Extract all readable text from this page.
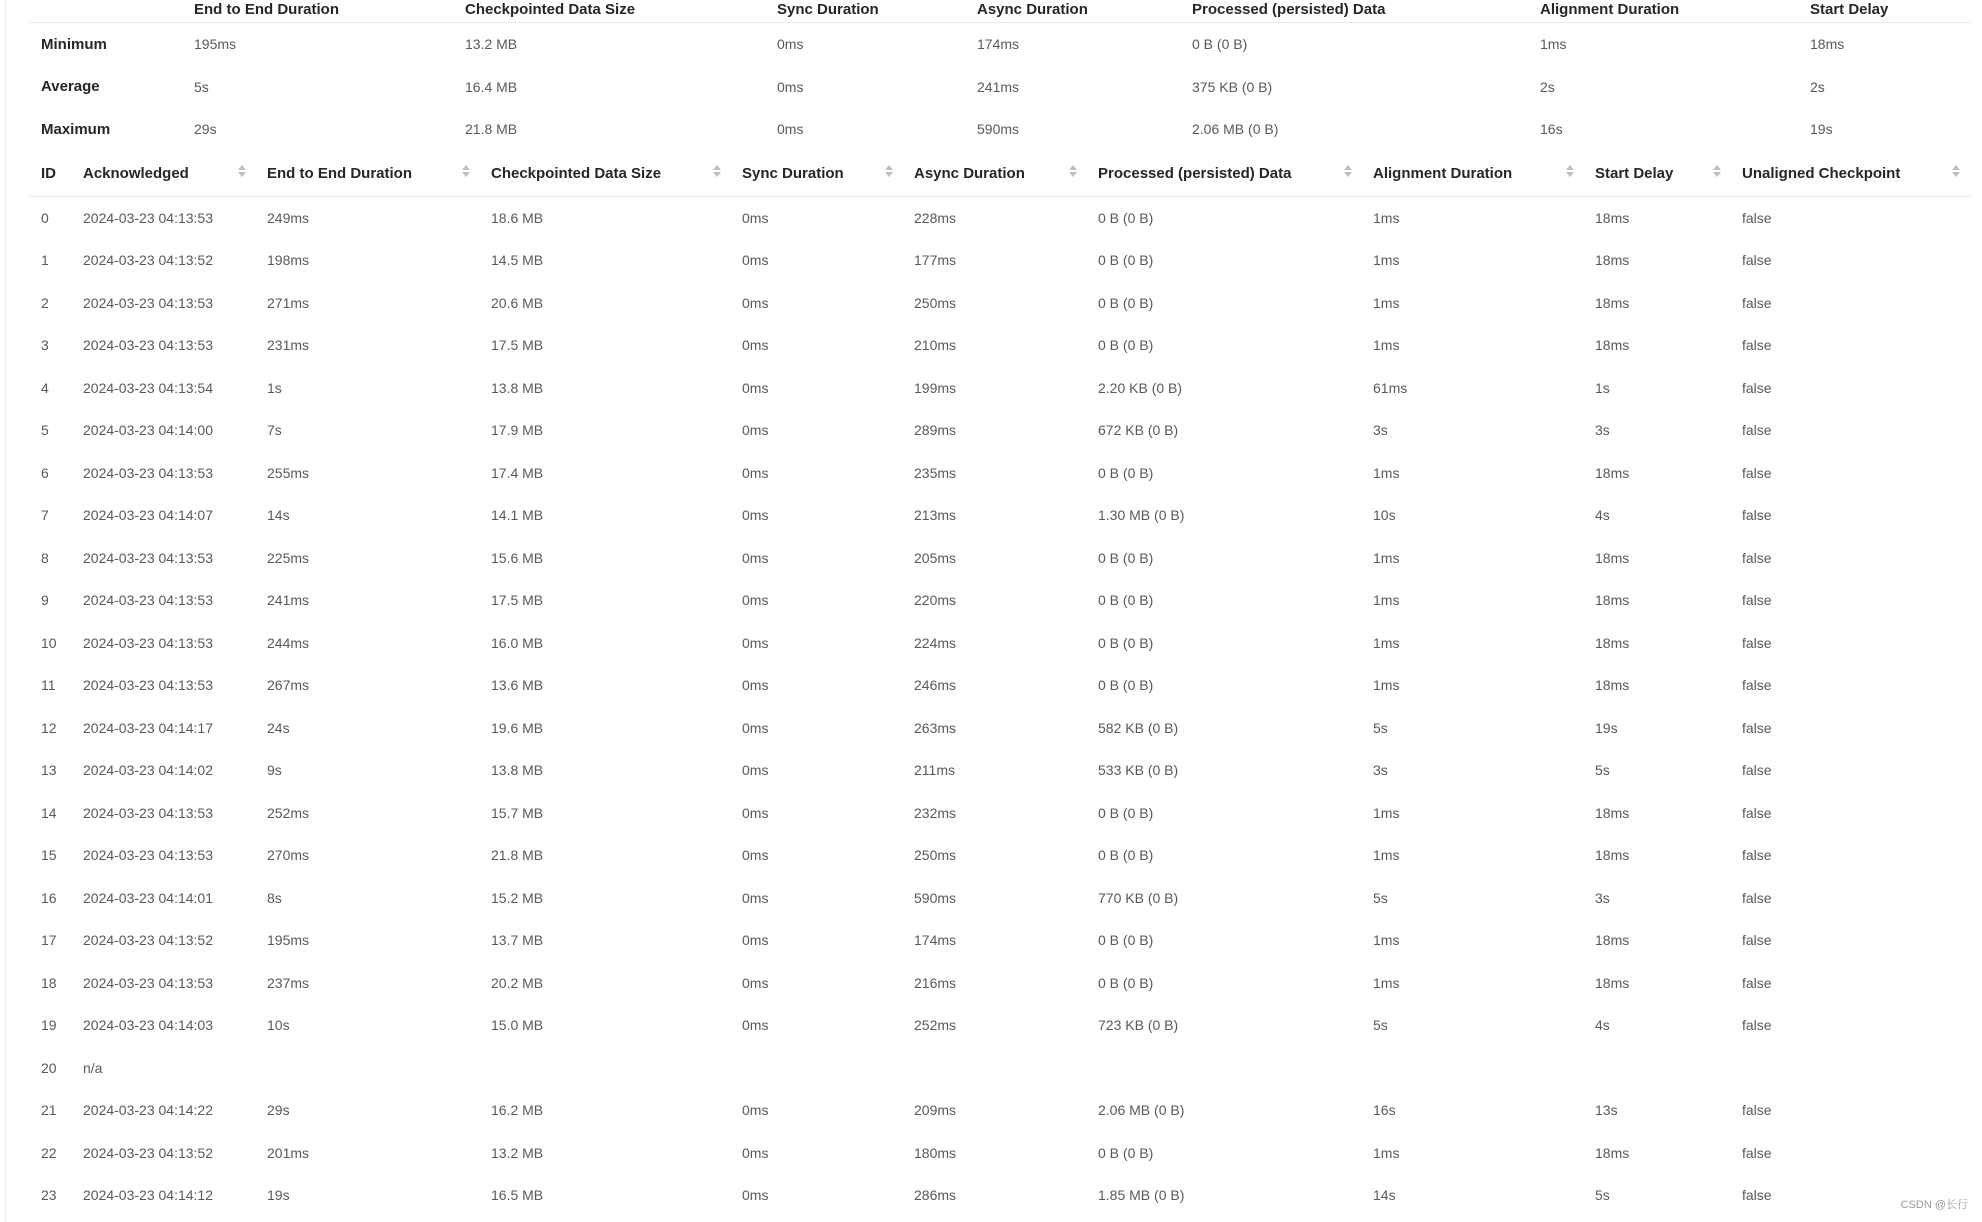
	End to End Duration	Checkpointed Data Size	Sync Duration	Async Duration	Processed (persisted) Data	Alignment Duration	Start Delay
Minimum	195ms	13.2 MB	0ms	174ms	0 B (0 B)	1ms	18ms
Average	5s	16.4 MB	0ms	241ms	375 KB (0 B)	2s	2s
Maximum	29s	21.8 MB	0ms	590ms	2.06 MB (0 B)	16s	19s
ID	Acknowledged	End to End Duration	Checkpointed Data Size	Sync Duration	Async Duration	Processed (persisted) Data	Alignment Duration	Start Delay	Unaligned Checkpoint

0	2024-03-23 04:13:53	249ms	18.6 MB	0ms	228ms	0 B (0 B)	1ms	18ms	false
1	2024-03-23 04:13:52	198ms	14.5 MB	0ms	177ms	0 B (0 B)	1ms	18ms	false
2	2024-03-23 04:13:53	271ms	20.6 MB	0ms	250ms	0 B (0 B)	1ms	18ms	false
3	2024-03-23 04:13:53	231ms	17.5 MB	0ms	210ms	0 B (0 B)	1ms	18ms	false
4	2024-03-23 04:13:54	1s	13.8 MB	0ms	199ms	2.20 KB (0 B)	61ms	1s	false
5	2024-03-23 04:14:00	7s	17.9 MB	0ms	289ms	672 KB (0 B)	3s	3s	false
6	2024-03-23 04:13:53	255ms	17.4 MB	0ms	235ms	0 B (0 B)	1ms	18ms	false
7	2024-03-23 04:14:07	14s	14.1 MB	0ms	213ms	1.30 MB (0 B)	10s	4s	false
8	2024-03-23 04:13:53	225ms	15.6 MB	0ms	205ms	0 B (0 B)	1ms	18ms	false
9	2024-03-23 04:13:53	241ms	17.5 MB	0ms	220ms	0 B (0 B)	1ms	18ms	false
10	2024-03-23 04:13:53	244ms	16.0 MB	0ms	224ms	0 B (0 B)	1ms	18ms	false
11	2024-03-23 04:13:53	267ms	13.6 MB	0ms	246ms	0 B (0 B)	1ms	18ms	false
12	2024-03-23 04:14:17	24s	19.6 MB	0ms	263ms	582 KB (0 B)	5s	19s	false
13	2024-03-23 04:14:02	9s	13.8 MB	0ms	211ms	533 KB (0 B)	3s	5s	false
14	2024-03-23 04:13:53	252ms	15.7 MB	0ms	232ms	0 B (0 B)	1ms	18ms	false
15	2024-03-23 04:13:53	270ms	21.8 MB	0ms	250ms	0 B (0 B)	1ms	18ms	false
16	2024-03-23 04:14:01	8s	15.2 MB	0ms	590ms	770 KB (0 B)	5s	3s	false
17	2024-03-23 04:13:52	195ms	13.7 MB	0ms	174ms	0 B (0 B)	1ms	18ms	false
18	2024-03-23 04:13:53	237ms	20.2 MB	0ms	216ms	0 B (0 B)	1ms	18ms	false
19	2024-03-23 04:14:03	10s	15.0 MB	0ms	252ms	723 KB (0 B)	5s	4s	false
20	n/a								
21	2024-03-23 04:14:22	29s	16.2 MB	0ms	209ms	2.06 MB (0 B)	16s	13s	false
22	2024-03-23 04:13:52	201ms	13.2 MB	0ms	180ms	0 B (0 B)	1ms	18ms	false
23	2024-03-23 04:14:12	19s	16.5 MB	0ms	286ms	1.85 MB (0 B)	14s	5s	false
CSDN @长行
